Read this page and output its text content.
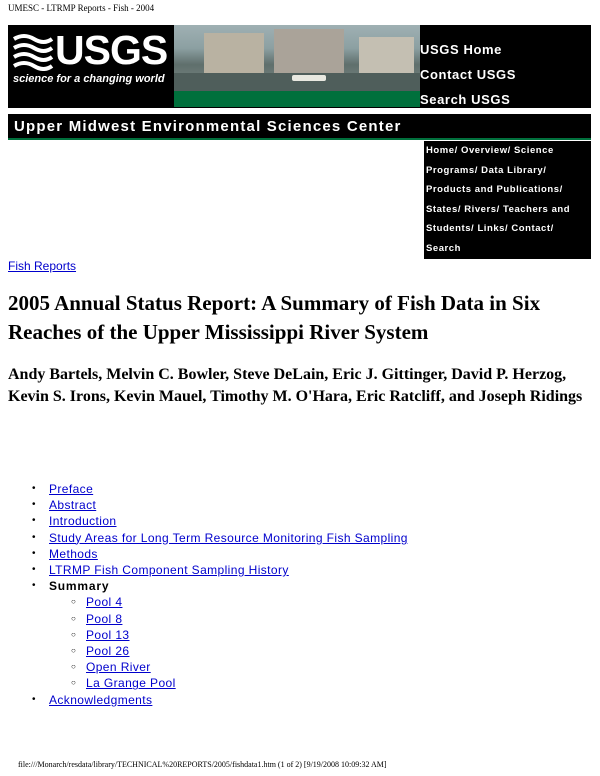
UMESC - LTRMP Reports - Fish - 2004
USGS
science for a changing world
USGS Home
Contact USGS
Search USGS
Upper Midwest Environmental Sciences Center
Home/ Overview/ Science Programs/ Data Library/ Products and Publications/ States/ Rivers/ Teachers and Students/ Links/ Contact/ Search
Fish Reports
2005 Annual Status Report: A Summary of Fish Data in Six Reaches of the Upper Mississippi River System

Andy Bartels, Melvin C. Bowler, Steve DeLain, Eric J. Gittinger, David P. Herzog, Kevin S. Irons, Kevin Mauel, Timothy M. O'Hara, Eric Ratcliff, and Joseph Ridings

• Preface
• Abstract
• Introduction
• Study Areas for Long Term Resource Monitoring Fish Sampling
• Methods
• LTRMP Fish Component Sampling History
• Summary
○ Pool 4
○ Pool 8
○ Pool 13
○ Pool 26
○ Open River
○ La Grange Pool
• Acknowledgments
file:///Monarch/resdata/library/TECHNICAL%20REPORTS/2005/fishdata1.htm (1 of 2) [9/19/2008 10:09:32 AM]
